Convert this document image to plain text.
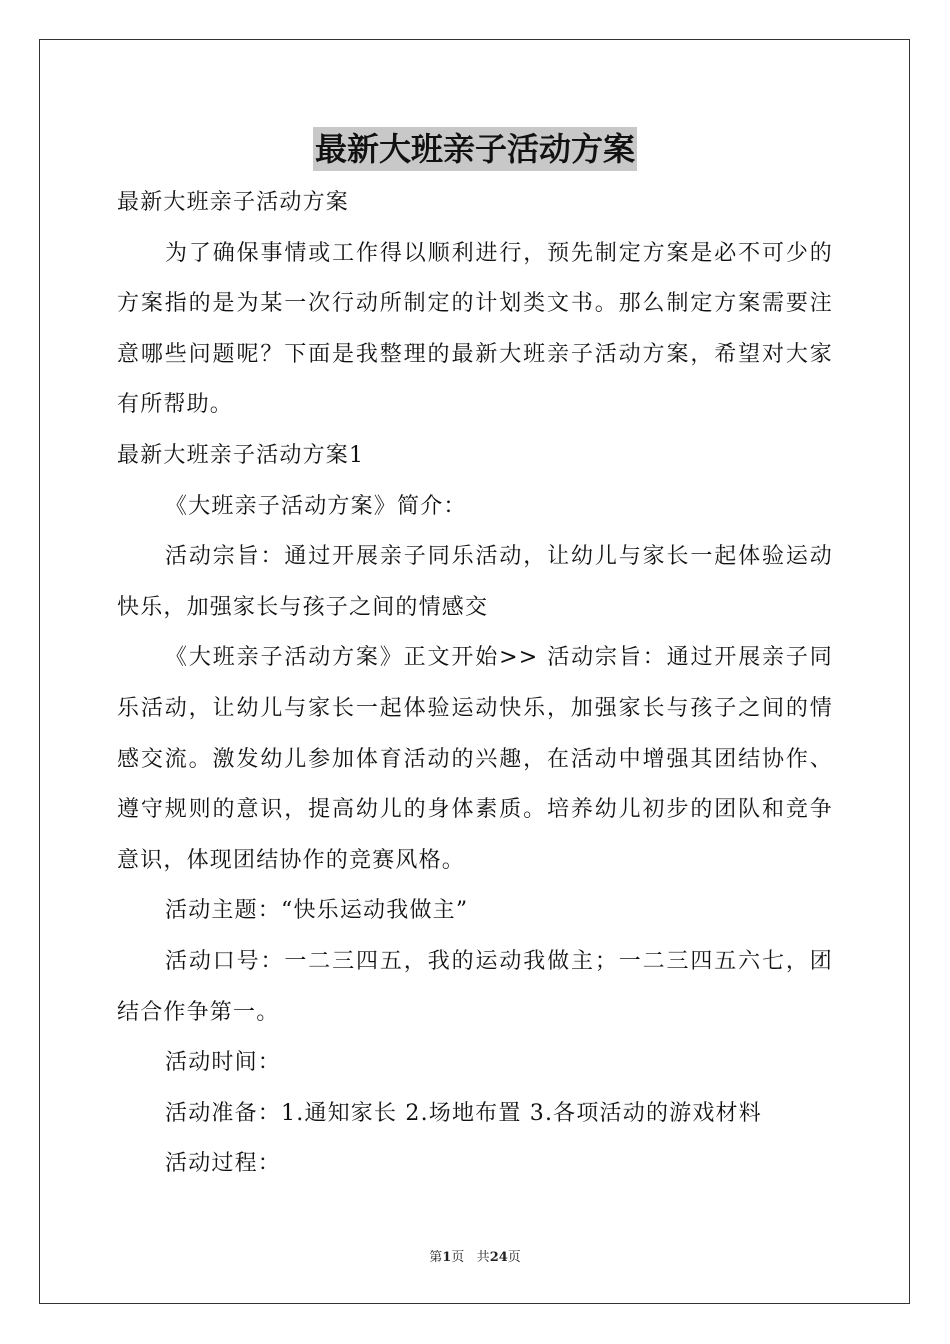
最新大班亲子活动方案

最新大班亲子活动方案

为了确保事情或工作得以顺利进行，预先制定方案是必不可少的方案指的是为某一次行动所制定的计划类文书。那么制定方案需要注意哪些问题呢？下面是我整理的最新大班亲子活动方案，希望对大家有所帮助。

最新大班亲子活动方案1

《大班亲子活动方案》简介：

活动宗旨：通过开展亲子同乐活动，让幼儿与家长一起体验运动快乐，加强家长与孩子之间的情感交

《大班亲子活动方案》正文开始>> 活动宗旨：通过开展亲子同乐活动，让幼儿与家长一起体验运动快乐，加强家长与孩子之间的情感交流。激发幼儿参加体育活动的兴趣，在活动中增强其团结协作、遵守规则的意识，提高幼儿的身体素质。培养幼儿初步的团队和竞争意识，体现团结协作的竞赛风格。

活动主题：“快乐运动我做主”

活动口号：一二三四五，我的运动我做主；一二三四五六七，团结合作争第一。

活动时间：

活动准备：1.通知家长 2.场地布置 3.各项活动的游戏材料

活动过程：

第1页 共24页
